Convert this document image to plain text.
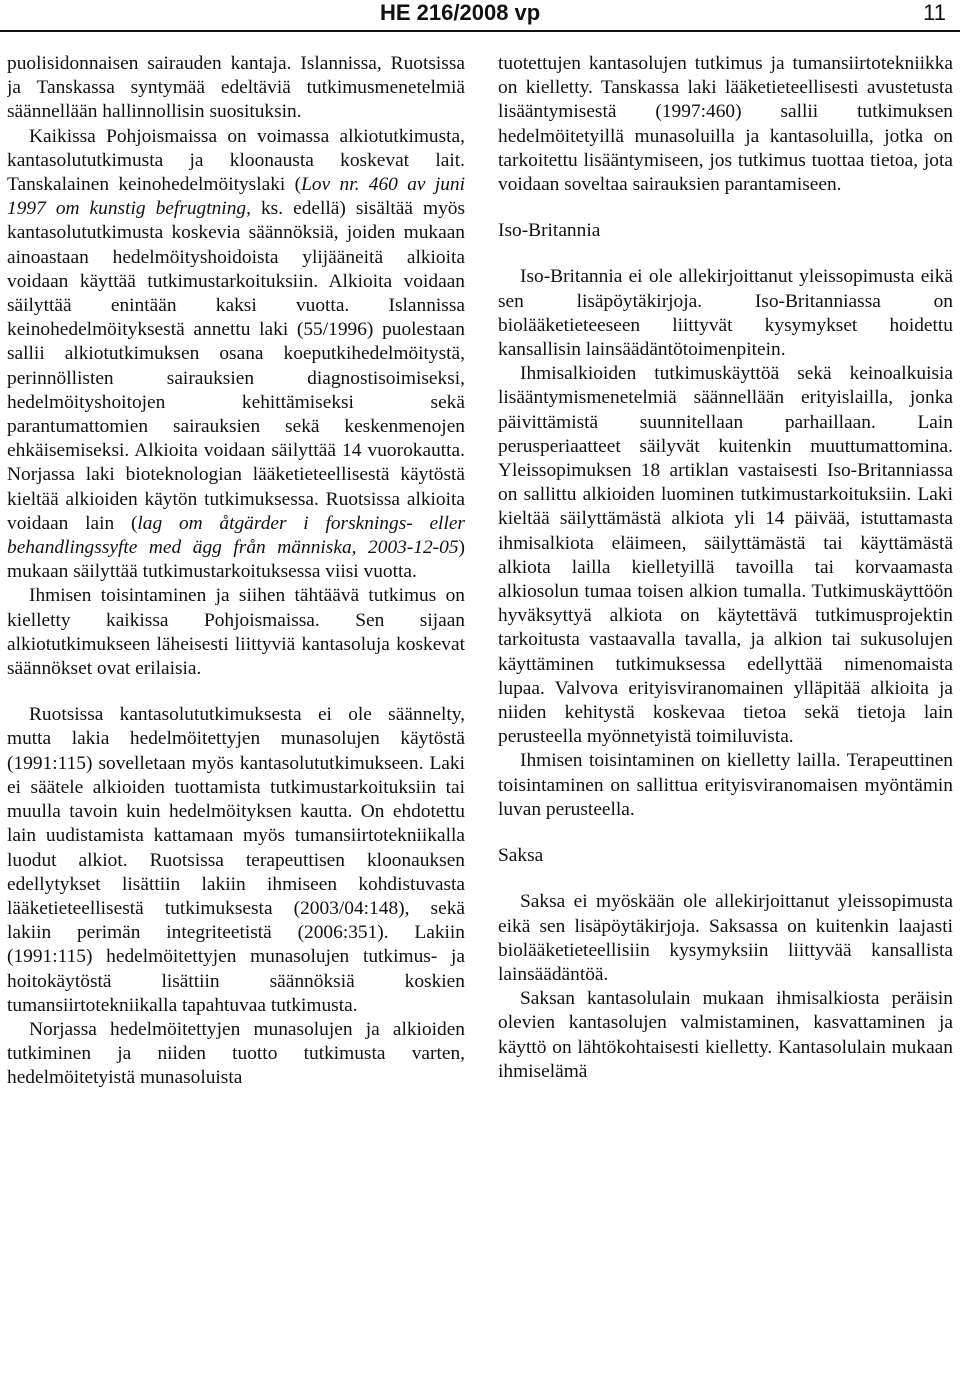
HE 216/2008 vp	11

puolisidonnaisen sairauden kantaja. Islannissa, Ruotsissa ja Tanskassa syntymää edeltäviä tutkimusmenetelmiä säännellään hallinnollisin suosituksin.

Kaikissa Pohjoismaissa on voimassa alkiotutkimusta, kantasolututkimusta ja kloonausta koskevat lait. Tanskalainen keinohedelmöityslaki (Lov nr. 460 av juni 1997 om kunstig befrugtning, ks. edellä) sisältää myös kantasolututkimusta koskevia säännöksiä, joiden mukaan ainoastaan hedelmöityshoidoista ylijääneitä alkioita voidaan käyttää tutkimustarkoituksiin. Alkioita voidaan säilyttää enintään kaksi vuotta. Islannissa keinohedelmöityksestä annettu laki (55/1996) puolestaan sallii alkiotutkimuksen osana koeputkihedelmöitystä, perinnöllisten sairauksien diagnostisoimiseksi, hedelmöityshoitojen kehittämiseksi sekä parantumattomien sairauksien sekä keskenmenojen ehkäisemiseksi. Alkioita voidaan säilyttää 14 vuorokautta. Norjassa laki bioteknologian lääketieteellisestä käytöstä kieltää alkioiden käytön tutkimuksessa. Ruotsissa alkioita voidaan lain (lag om åtgärder i forsknings- eller behandlingssyfte med ägg från människa, 2003-12-05) mukaan säilyttää tutkimustarkoituksessa viisi vuotta.

Ihmisen toisintaminen ja siihen tähtäävä tutkimus on kielletty kaikissa Pohjoismaissa. Sen sijaan alkiotutkimukseen läheisesti liittyviä kantasoluja koskevat säännökset ovat erilaisia.

Ruotsissa kantasolututkimuksesta ei ole säännelty, mutta lakia hedelmöitettyjen munasolujen käytöstä (1991:115) sovelletaan myös kantasolututkimukseen. Laki ei säätele alkioiden tuottamista tutkimustarkoituksiin tai muulla tavoin kuin hedelmöityksen kautta. On ehdotettu lain uudistamista kattamaan myös tumansiirtotekniikalla luodut alkiot. Ruotsissa terapeuttisen kloonauksen edellytykset lisättiin lakiin ihmiseen kohdistuvasta lääketieteellisestä tutkimuksesta (2003/04:148), sekä lakiin perimän integriteetistä (2006:351). Lakiin (1991:115) hedelmöitettyjen munasolujen tutkimus- ja hoitokäytöstä lisättiin säännöksiä koskien tumansiirtotekniikalla tapahtuvaa tutkimusta.

Norjassa hedelmöitettyjen munasolujen ja alkioiden tutkiminen ja niiden tuotto tutkimusta varten, hedelmöitetyistä munasoluista

tuotettujen kantasolujen tutkimus ja tumansiirtotekniikka on kielletty. Tanskassa laki lääketieteellisesti avustetusta lisääntymisestä (1997:460) sallii tutkimuksen hedelmöitetyillä munasoluilla ja kantasoluilla, jotka on tarkoitettu lisääntymiseen, jos tutkimus tuottaa tietoa, jota voidaan soveltaa sairauksien parantamiseen.

Iso-Britannia

Iso-Britannia ei ole allekirjoittanut yleissopimusta eikä sen lisäpöytäkirjoja. Iso-Britanniassa on biolääketieteeseen liittyvät kysymykset hoidettu kansallisin lainsäädäntötoimenpitein.

Ihmisalkioiden tutkimuskäyttöä sekä keinoalkuisia lisääntymismenetelmiä säännellään erityislailla, jonka päivittämistä suunnitellaan parhaillaan. Lain perusperiaatteet säilyvät kuitenkin muuttumattomina. Yleissopimuksen 18 artiklan vastaisesti Iso-Britanniassa on sallittu alkioiden luominen tutkimustarkoituksiin. Laki kieltää säilyttämästä alkiota yli 14 päivää, istuttamasta ihmisalkiota eläimeen, säilyttämästä tai käyttämästä alkiota lailla kielletyillä tavoilla tai korvaamasta alkiosolun tumaa toisen alkion tumalla. Tutkimuskäyttöön hyväksyttyä alkiota on käytettävä tutkimusprojektin tarkoitusta vastaavalla tavalla, ja alkion tai sukusolujen käyttäminen tutkimuksessa edellyttää nimenomaista lupaa. Valvova erityisviranomainen ylläpitää alkioita ja niiden kehitystä koskevaa tietoa sekä tietoja lain perusteella myönnetyistä toimiluvista.

Ihmisen toisintaminen on kielletty lailla. Terapeuttinen toisintaminen on sallittua erityisviranomaisen myöntämin luvan perusteella.

Saksa

Saksa ei myöskään ole allekirjoittanut yleissopimusta eikä sen lisäpöytäkirjoja. Saksassa on kuitenkin laajasti biolääketieteellisiin kysymyksiin liittyvää kansallista lainsäädäntöä.

Saksan kantasolulain mukaan ihmisalkiosta peräisin olevien kantasolujen valmistaminen, kasvattaminen ja käyttö on lähtökohtaisesti kielletty. Kantasolulain mukaan ihmiselämä
